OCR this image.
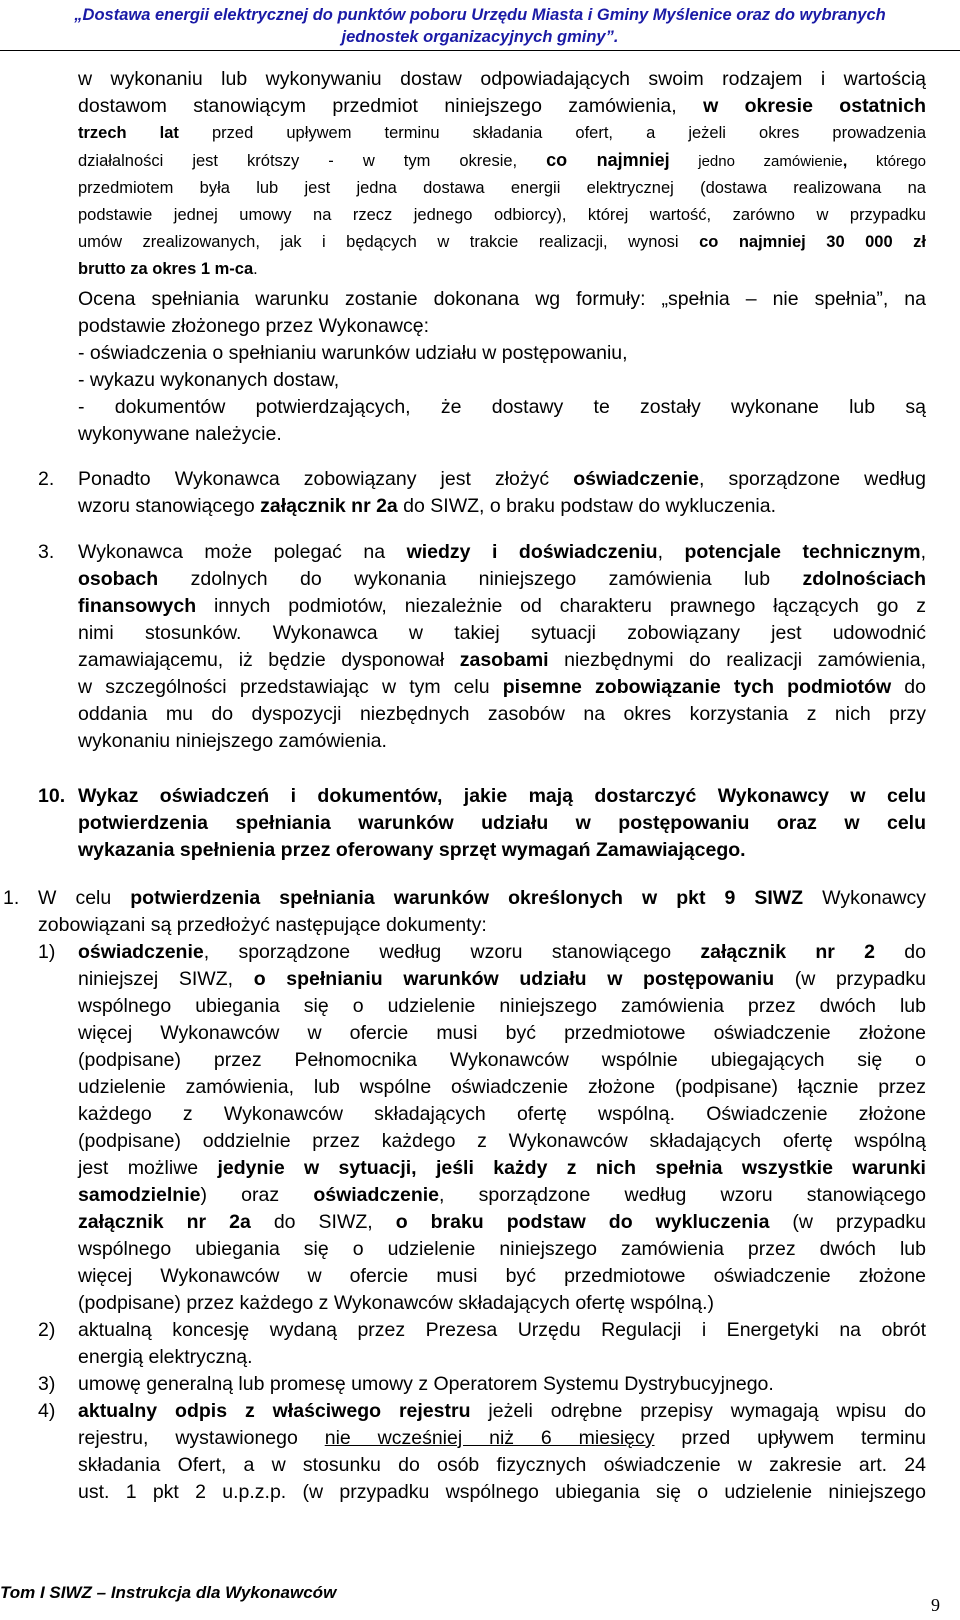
„Dostawa energii elektrycznej do punktów poboru Urzędu Miasta i Gminy Myślenice oraz do wybranych
jednostek organizacyjnych gminy”.
w wykonaniu lub wykonywaniu dostaw odpowiadających swoim rodzajem i wartością
dostawom stanowiącym przedmiot niniejszego zamówienia, w okresie ostatnich
trzech lat przed upływem terminu składania ofert, a jeżeli okres prowadzenia
działalności jest krótszy - w tym okresie, co najmniej jedno zamówienie, którego
przedmiotem była lub jest jedna dostawa energii elektrycznej (dostawa realizowana na
podstawie jednej umowy na rzecz jednego odbiorcy), której wartość, zarówno w przypadku
umów zrealizowanych, jak i będących w trakcie realizacji, wynosi co najmniej 30 000 zł
brutto za okres 1 m-ca.
Ocena spełniania warunku zostanie dokonana wg formuły: „spełnia – nie spełnia”, na
podstawie złożonego przez Wykonawcę:
- oświadczenia o spełnianiu warunków udziału w postępowaniu,
- wykazu wykonanych dostaw,
- dokumentów potwierdzających, że dostawy te zostały wykonane lub są
wykonywane należycie.
2. Ponadto Wykonawca zobowiązany jest złożyć oświadczenie, sporządzone według
wzoru stanowiącego załącznik nr 2a do SIWZ, o braku podstaw do wykluczenia.
3. Wykonawca może polegać na wiedzy i doświadczeniu, potencjale technicznym,
osobach zdolnych do wykonania niniejszego zamówienia lub zdolnościach
finansowych innych podmiotów, niezależnie od charakteru prawnego łączących go z
nimi stosunków. Wykonawca w takiej sytuacji zobowiązany jest udowodnić
zamawiającemu, iż będzie dysponował zasobami niezbędnymi do realizacji zamówienia,
w szczególności przedstawiając w tym celu pisemne zobowiązanie tych podmiotów do
oddania mu do dyspozycji niezbędnych zasobów na okres korzystania z nich przy
wykonaniu niniejszego zamówienia.
10. Wykaz oświadczeń i dokumentów, jakie mają dostarczyć Wykonawcy w celu
potwierdzenia spełniania warunków udziału w postępowaniu oraz w celu
wykazania spełnienia przez oferowany sprzęt wymagań Zamawiającego.
1. W celu potwierdzenia spełniania warunków określonych w pkt 9 SIWZ Wykonawcy
zobowiązani są przedłożyć następujące dokumenty:
1) oświadczenie, sporządzone według wzoru stanowiącego załącznik nr 2 do
niniejszej SIWZ, o spełnianiu warunków udziału w postępowaniu (w przypadku
wspólnego ubiegania się o udzielenie niniejszego zamówienia przez dwóch lub
więcej Wykonawców w ofercie musi być przedmiotowe oświadczenie złożone
(podpisane) przez Pełnomocnika Wykonawców wspólnie ubiegających się o
udzielenie zamówienia, lub wspólne oświadczenie złożone (podpisane) łącznie przez
każdego z Wykonawców składających ofertę wspólną. Oświadczenie złożone
(podpisane) oddzielnie przez każdego z Wykonawców składających ofertę wspólną
jest możliwe jedynie w sytuacji, jeśli każdy z nich spełnia wszystkie warunki
samodzielnie) oraz oświadczenie, sporządzone według wzoru stanowiącego
załącznik nr 2a do SIWZ, o braku podstaw do wykluczenia (w przypadku
wspólnego ubiegania się o udzielenie niniejszego zamówienia przez dwóch lub
więcej Wykonawców w ofercie musi być przedmiotowe oświadczenie złożone
(podpisane) przez każdego z Wykonawców składających ofertę wspólną.)
2) aktualną koncesję wydaną przez Prezesa Urzędu Regulacji i Energetyki na obrót
energią elektryczną.
3) umowę generalną lub promesę umowy z Operatorem Systemu Dystrybucyjnego.
4) aktualny odpis z właściwego rejestru jeżeli odrębne przepisy wymagają wpisu do
rejestru, wystawionego nie wcześniej niż 6 miesięcy przed upływem terminu
składania Ofert, a w stosunku do osób fizycznych oświadczenie w zakresie art. 24
ust. 1 pkt 2 u.p.z.p. (w przypadku wspólnego ubiegania się o udzielenie niniejszego
Tom I SIWZ – Instrukcja dla Wykonawców
9
